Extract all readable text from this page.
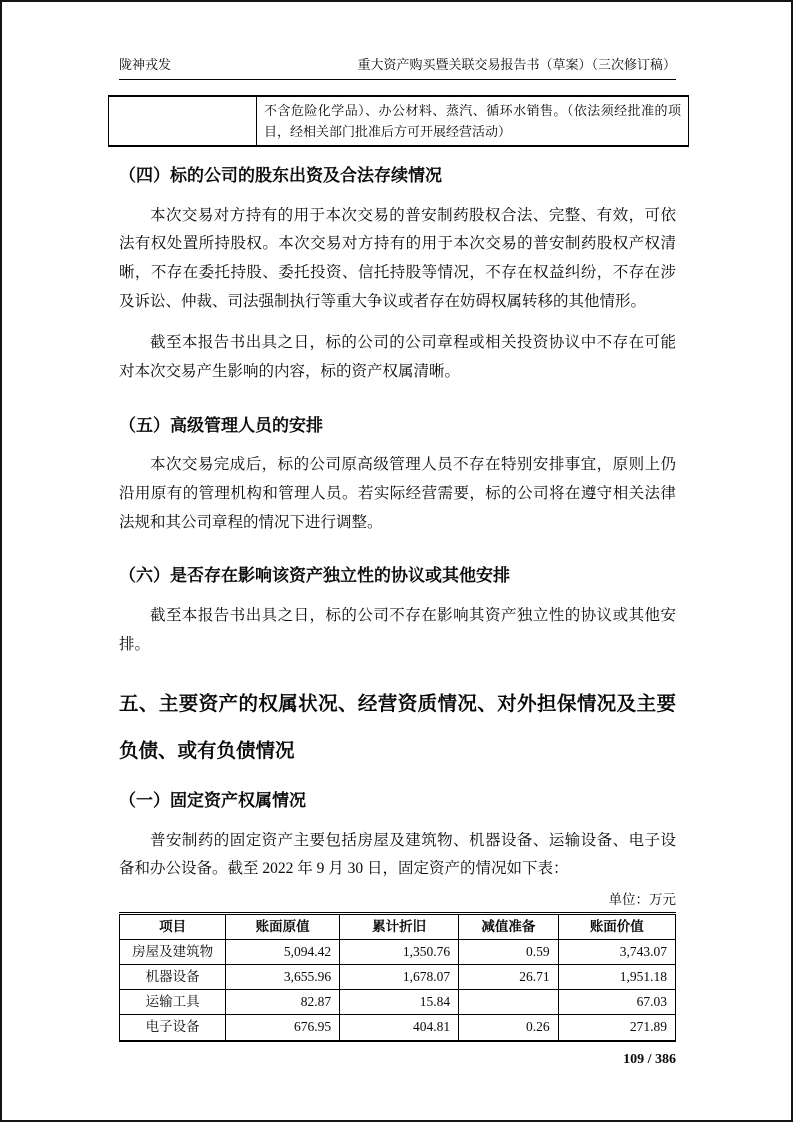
陇神戎发	重大资产购买暨关联交易报告书（草案）（三次修订稿）
	不含危险化学品）、办公材料、蒸汽、循环水销售。（依法须经批准的项目，经相关部门批准后方可开展经营活动）
（四）标的公司的股东出资及合法存续情况

本次交易对方持有的用于本次交易的普安制药股权合法、完整、有效，可依法有权处置所持股权。本次交易对方持有的用于本次交易的普安制药股权产权清晰，不存在委托持股、委托投资、信托持股等情况，不存在权益纠纷，不存在涉及诉讼、仲裁、司法强制执行等重大争议或者存在妨碍权属转移的其他情形。

截至本报告书出具之日，标的公司的公司章程或相关投资协议中不存在可能对本次交易产生影响的内容，标的资产权属清晰。

（五）高级管理人员的安排

本次交易完成后，标的公司原高级管理人员不存在特别安排事宜，原则上仍沿用原有的管理机构和管理人员。若实际经营需要，标的公司将在遵守相关法律法规和其公司章程的情况下进行调整。

（六）是否存在影响该资产独立性的协议或其他安排

截至本报告书出具之日，标的公司不存在影响其资产独立性的协议或其他安排。

五、主要资产的权属状况、经营资质情况、对外担保情况及主要负债、或有负债情况
（一）固定资产权属情况

普安制药的固定资产主要包括房屋及建筑物、机器设备、运输设备、电子设备和办公设备。截至 2022 年 9 月 30 日，固定资产的情况如下表：

单位：万元
项目	账面原值	累计折旧	减值准备	账面价值
房屋及建筑物	5,094.42	1,350.76	0.59	3,743.07
机器设备	3,655.96	1,678.07	26.71	1,951.18
运输工具	82.87	15.84		67.03
电子设备	676.95	404.81	0.26	271.89
109 / 386
